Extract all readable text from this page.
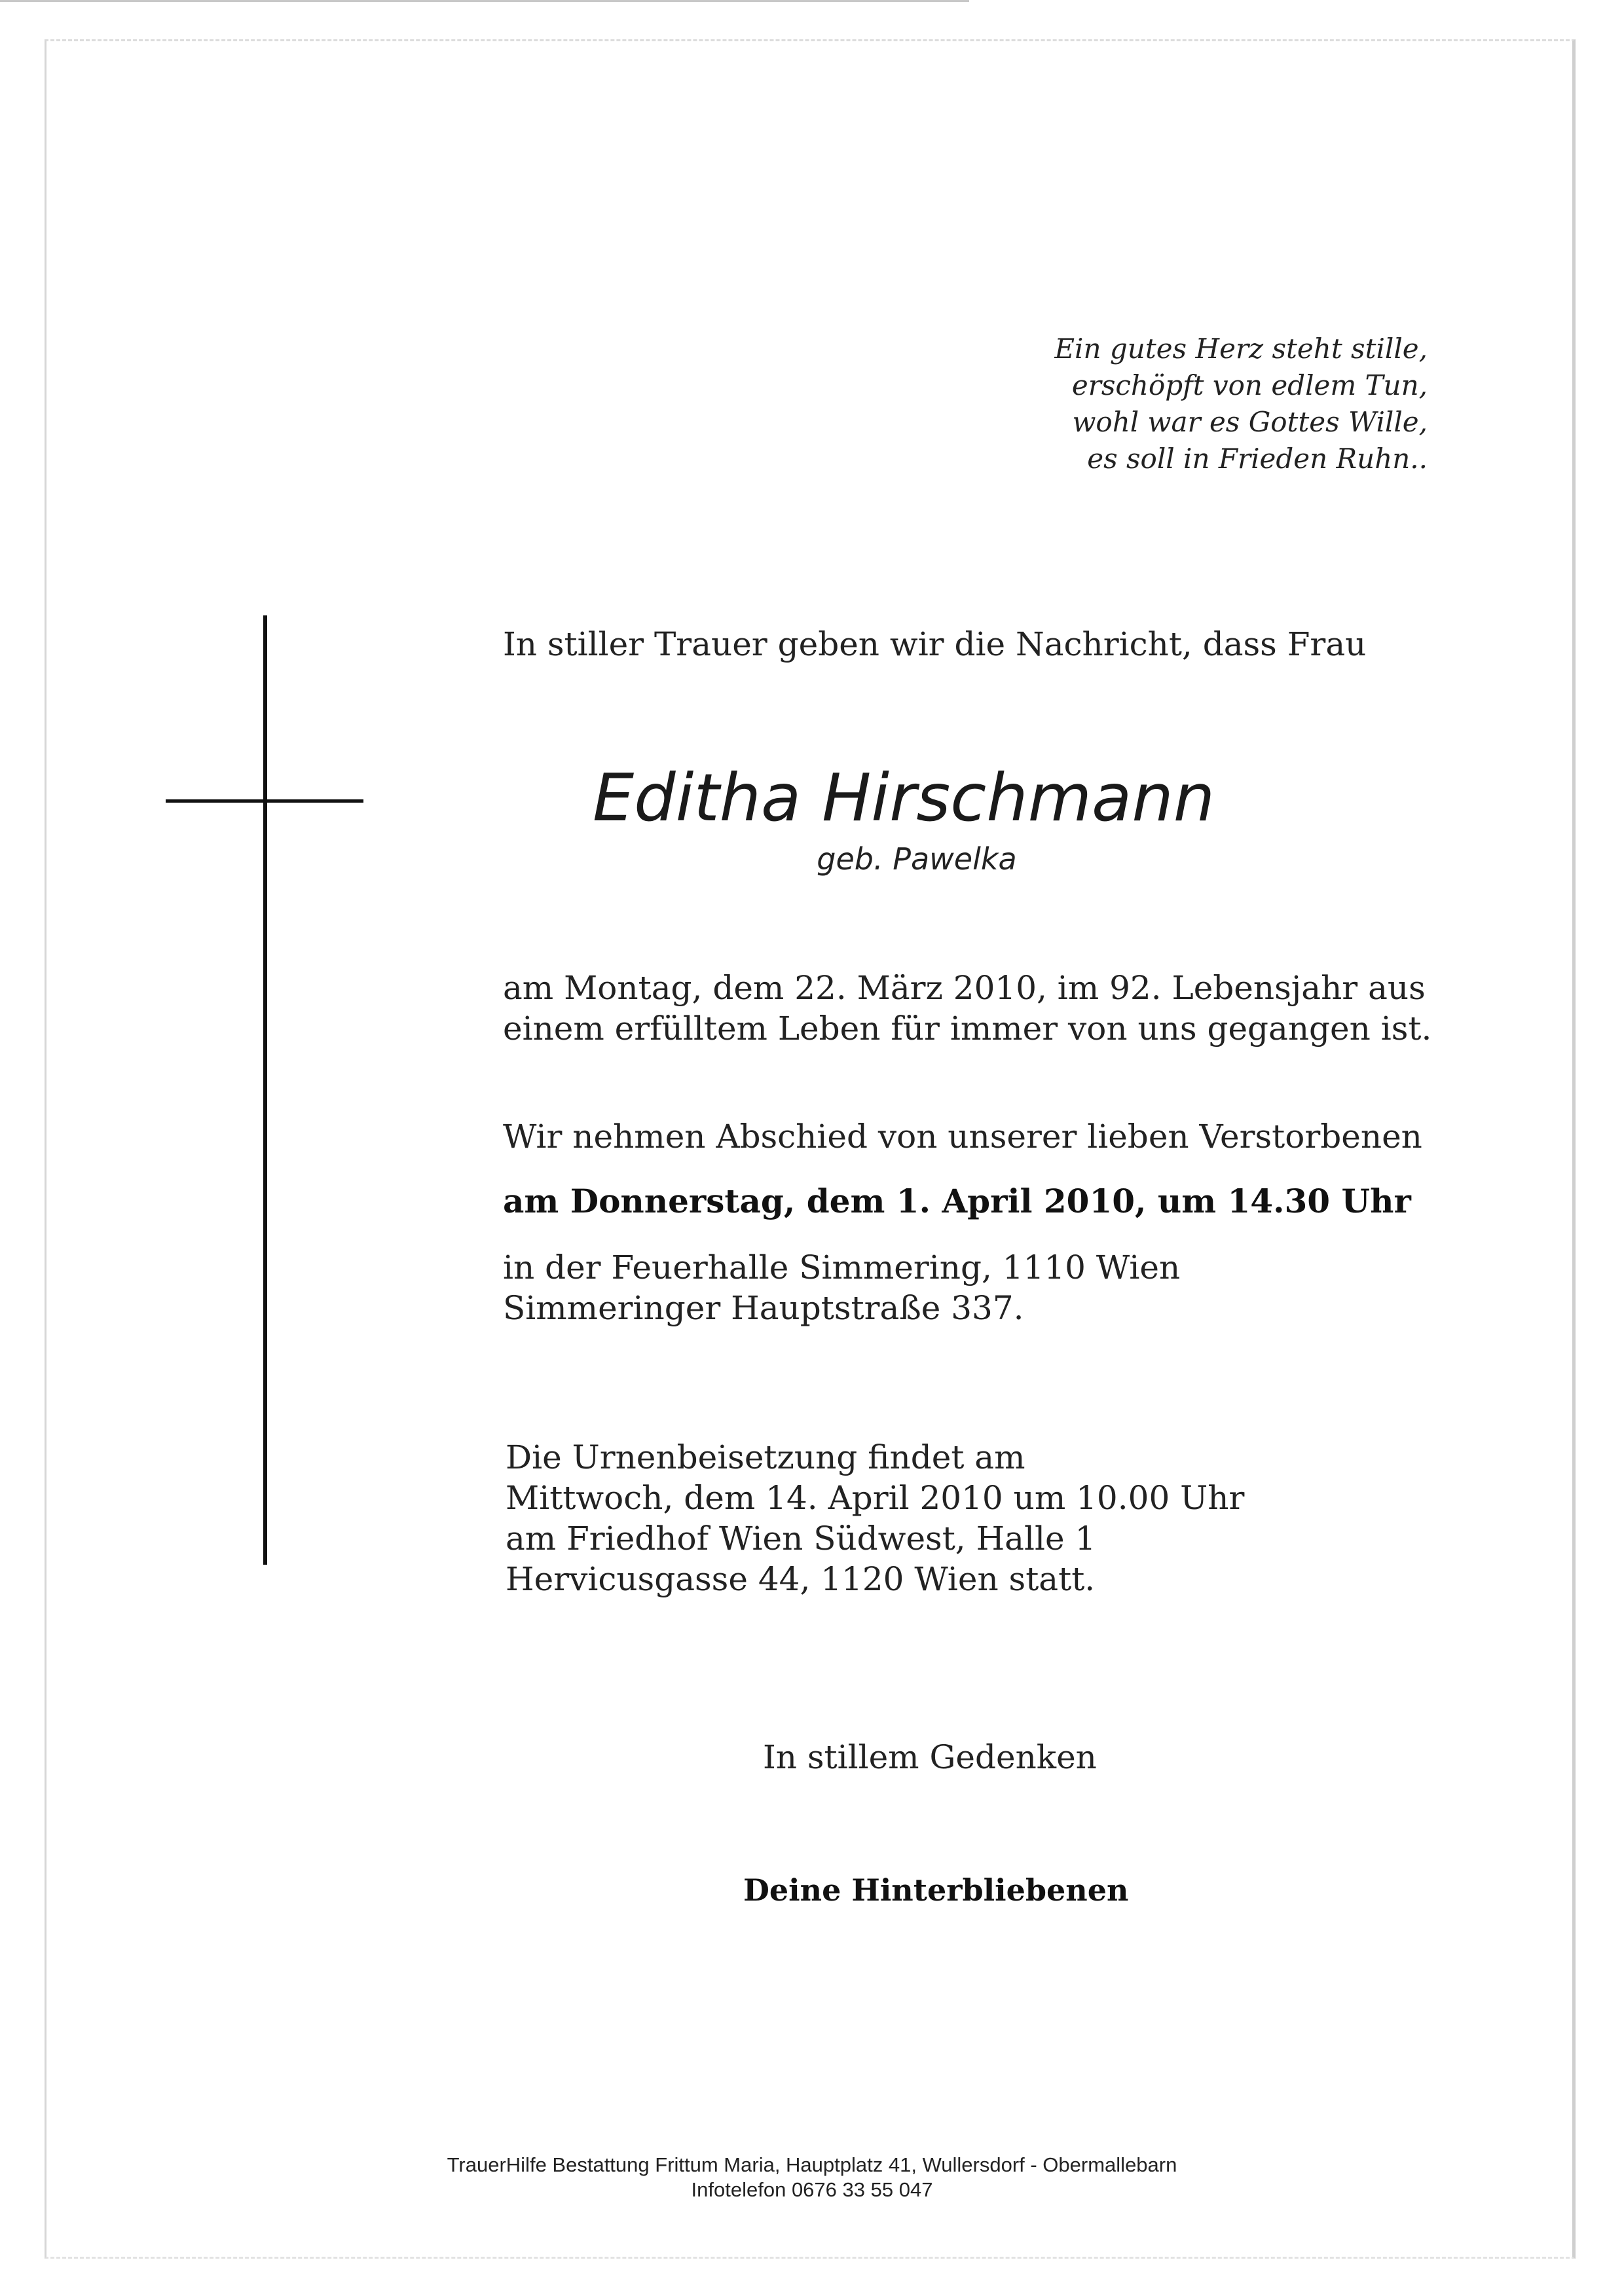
Ein gutes Herz steht stille,
erschöpft von edlem Tun,
wohl war es Gottes Wille,
es soll in Frieden Ruhn..
In stiller Trauer geben wir die Nachricht, dass Frau
Editha Hirschmann
geb. Pawelka
am Montag, dem 22. März 2010, im 92. Lebensjahr aus
einem erfülltem Leben für immer von uns gegangen ist.
Wir nehmen Abschied von unserer lieben Verstorbenen
am Donnerstag, dem 1. April 2010, um 14.30 Uhr
in der Feuerhalle Simmering, 1110 Wien
Simmeringer Hauptstraße 337.
Die Urnenbeisetzung findet am
Mittwoch, dem 14. April 2010 um 10.00 Uhr
am Friedhof Wien Südwest, Halle 1
Hervicusgasse 44, 1120 Wien statt.
In stillem Gedenken
Deine Hinterbliebenen
TrauerHilfe Bestattung Frittum Maria, Hauptplatz 41, Wullersdorf - Obermallebarn
Infotelefon 0676 33 55 047
